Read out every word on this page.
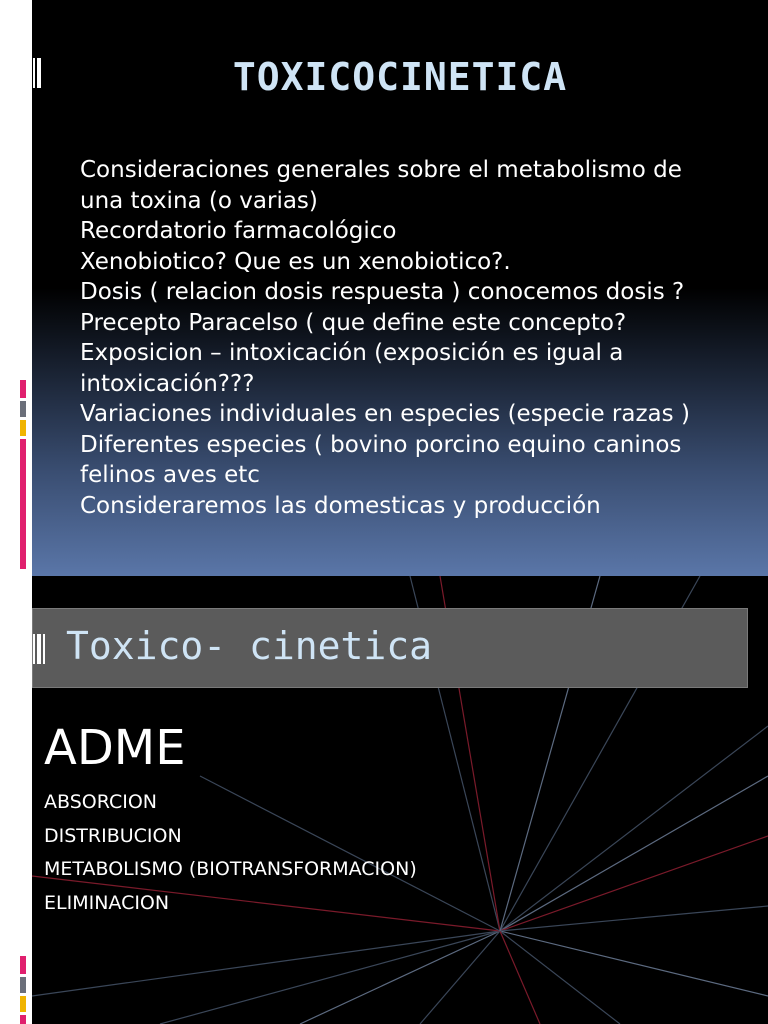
TOXICOCINETICA
Consideraciones generales sobre el metabolismo de una toxina (o varias)
Recordatorio farmacológico
Xenobiotico? Que es un xenobiotico?.
Dosis ( relacion dosis respuesta ) conocemos dosis ?
Precepto Paracelso ( que define este concepto?
Exposicion – intoxicación (exposición es igual a intoxicación???
Variaciones individuales en especies (especie razas )
Diferentes especies ( bovino porcino equino caninos felinos aves etc
Consideraremos las domesticas y producción
Toxico- cinetica
ADME
ABSORCION
DISTRIBUCION
METABOLISMO (BIOTRANSFORMACION)
ELIMINACION
